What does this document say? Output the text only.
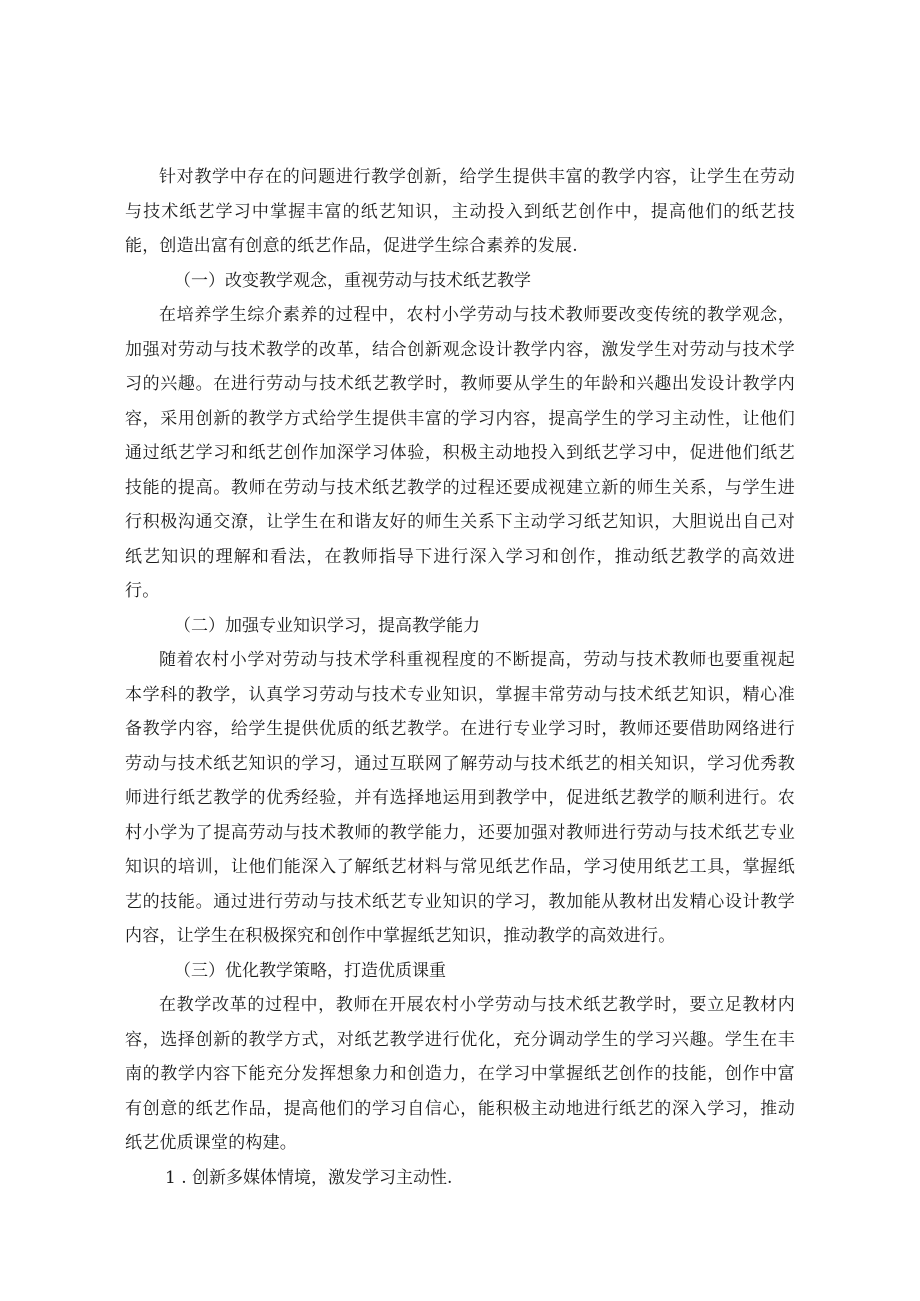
针对教学中存在的问题进行教学创新，给学生提供丰富的教学内容，让学生在劳动与技术纸艺学习中掌握丰富的纸艺知识，主动投入到纸艺创作中，提高他们的纸艺技能，创造出富有创意的纸艺作品，促进学生综合素养的发展.

（一）改变教学观念，重视劳动与技术纸艺教学

在培养学生综介素养的过程中，农村小学劳动与技术教师要改变传统的教学观念，加强对劳动与技术教学的改革，结合创新观念设计教学内容，激发学生对劳动与技术学习的兴趣。在进行劳动与技术纸艺教学时，教师要从学生的年龄和兴趣出发设计教学内容，采用创新的教学方式给学生提供丰富的学习内容，提高学生的学习主动性，让他们通过纸艺学习和纸艺创作加深学习体验，积极主动地投入到纸艺学习中，促进他们纸艺技能的提高。教师在劳动与技术纸艺教学的过程还要成视建立新的师生关系，与学生进行积极沟通交潦，让学生在和谐友好的师生关系下主动学习纸艺知识，大胆说出自己对纸艺知识的理解和看法，在教师指导下进行深入学习和创作，推动纸艺教学的高效进行。

（二）加强专业知识学习，提高教学能力

随着农村小学对劳动与技术学科重视程度的不断提高，劳动与技术教师也要重视起本学科的教学，认真学习劳动与技术专业知识，掌握丰常劳动与技术纸艺知识，精心准备教学内容，给学生提供优质的纸艺教学。在进行专业学习时，教师还要借助网络进行劳动与技术纸艺知识的学习，通过互联网了解劳动与技术纸艺的相关知识，学习优秀教师进行纸艺教学的优秀经验，并有选择地运用到教学中，促进纸艺教学的顺利进行。农村小学为了提高劳动与技术教师的教学能力，还要加强对教师进行劳动与技术纸艺专业知识的培训，让他们能深入了解纸艺材料与常见纸艺作品，学习使用纸艺工具，掌握纸艺的技能。通过进行劳动与技术纸艺专业知识的学习，教加能从教材出发精心设计教学内容，让学生在积极探究和创作中掌握纸艺知识，推动教学的高效进行。

（三）优化教学策略，打造优质课重

在教学改革的过程中，教师在开展农村小学劳动与技术纸艺教学时，要立足教材内容，选择创新的教学方式，对纸艺教学进行优化，充分调动学生的学习兴趣。学生在丰南的教学内容下能充分发挥想象力和创造力，在学习中掌握纸艺创作的技能，创作中富有创意的纸艺作品，提高他们的学习自信心，能积极主动地进行纸艺的深入学习，推动纸艺优质课堂的构建。

1 . 创新多媒体情境，激发学习主动性.
